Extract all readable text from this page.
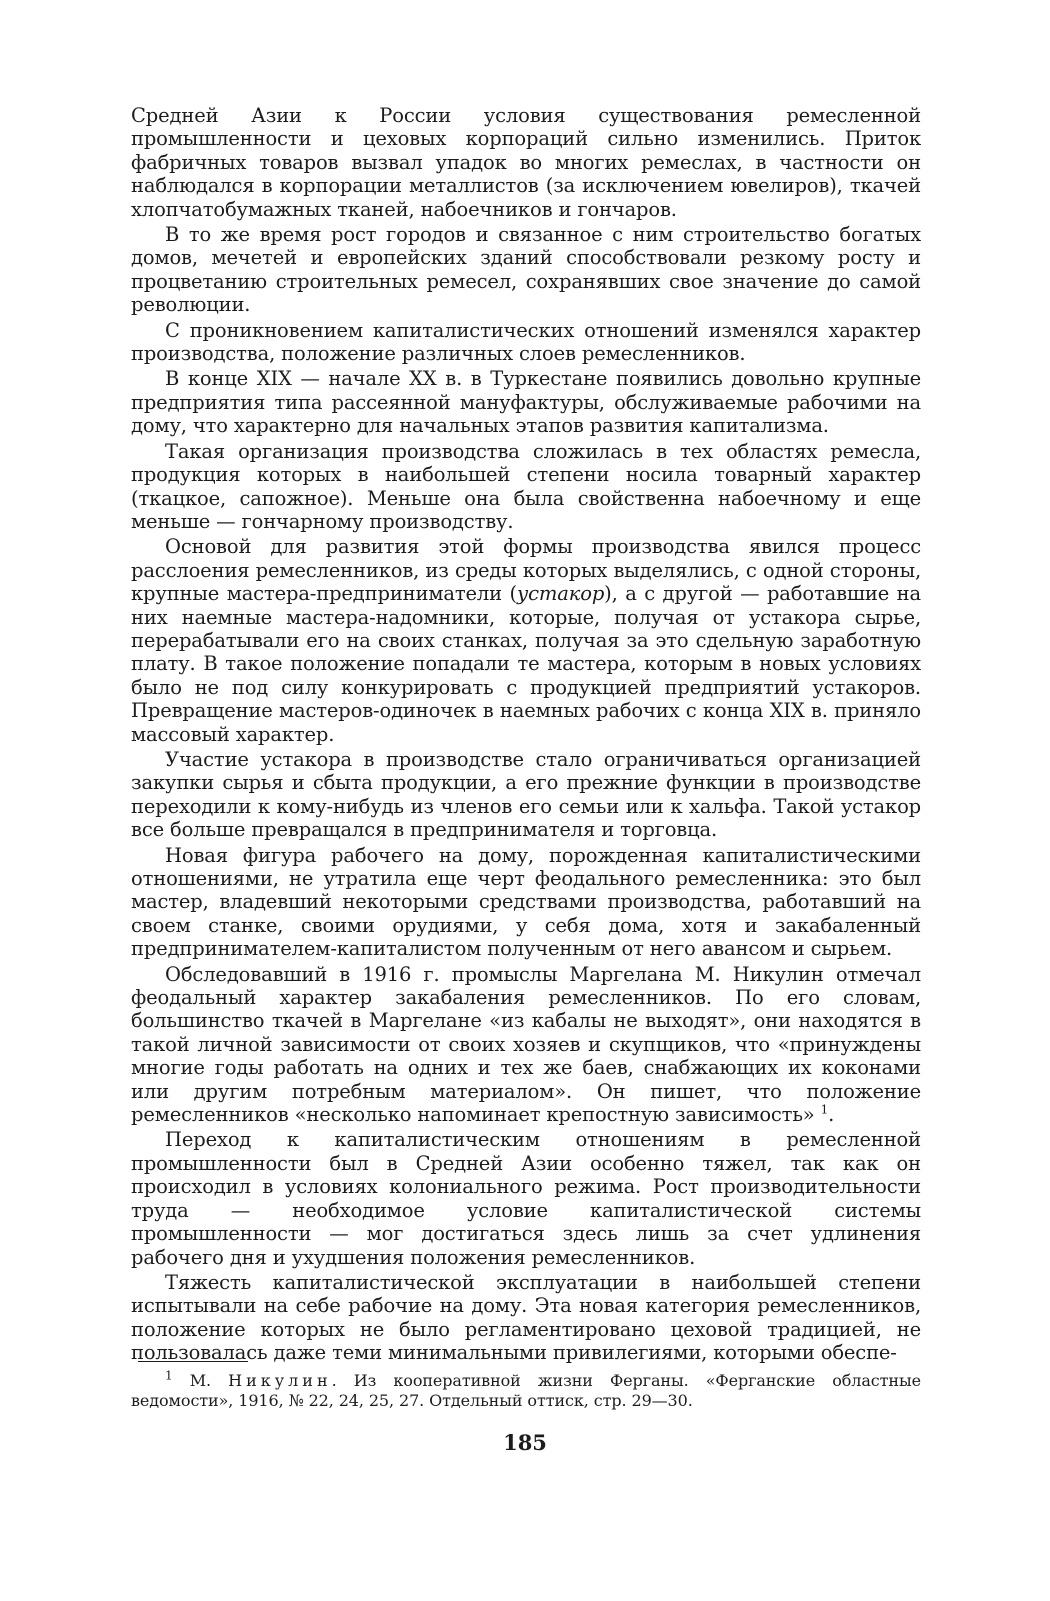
Средней Азии к России условия существования ремесленной промышленности и цеховых корпораций сильно изменились. Приток фабричных товаров вызвал упадок во многих ремеслах, в частности он наблюдался в корпорации металлистов (за исключением ювелиров), ткачей хлопчатобумажных тканей, набоечников и гончаров.

В то же время рост городов и связанное с ним строительство богатых домов, мечетей и европейских зданий способствовали резкому росту и процветанию строительных ремесел, сохранявших свое значение до самой революции.

С проникновением капиталистических отношений изменялся характер производства, положение различных слоев ремесленников.

В конце XIX — начале XX в. в Туркестане появились довольно крупные предприятия типа рассеянной мануфактуры, обслуживаемые рабочими на дому, что характерно для начальных этапов развития капитализма.

Такая организация производства сложилась в тех областях ремесла, продукция которых в наибольшей степени носила товарный характер (ткацкое, сапожное). Меньше она была свойственна набоечному и еще меньше — гончарному производству.

Основой для развития этой формы производства явился процесс расслоения ремесленников, из среды которых выделялись, с одной стороны, крупные мастера-предприниматели (устакор), а с другой — работавшие на них наемные мастера-надомники, которые, получая от устакора сырье, перерабатывали его на своих станках, получая за это сдельную заработную плату. В такое положение попадали те мастера, которым в новых условиях было не под силу конкурировать с продукцией предприятий устакоров. Превращение мастеров-одиночек в наемных рабочих с конца XIX в. приняло массовый характер.

Участие устакора в производстве стало ограничиваться организацией закупки сырья и сбыта продукции, а его прежние функции в производстве переходили к кому-нибудь из членов его семьи или к хальфа. Такой устакор все больше превращался в предпринимателя и торговца.

Новая фигура рабочего на дому, порожденная капиталистическими отношениями, не утратила еще черт феодального ремесленника: это был мастер, владевший некоторыми средствами производства, работавший на своем станке, своими орудиями, у себя дома, хотя и закабаленный предпринимателем-капиталистом полученным от него авансом и сырьем.

Обследовавший в 1916 г. промыслы Маргелана М. Никулин отмечал феодальный характер закабаления ремесленников. По его словам, большинство ткачей в Маргелане «из кабалы не выходят», они находятся в такой личной зависимости от своих хозяев и скупщиков, что «принуждены многие годы работать на одних и тех же баев, снабжающих их коконами или другим потребным материалом». Он пишет, что положение ремесленников «несколько напоминает крепостную зависимость» $^1$.

Переход к капиталистическим отношениям в ремесленной промышленности был в Средней Азии особенно тяжел, так как он происходил в условиях колониального режима. Рост производительности труда — необходимое условие капиталистической системы промышленности — мог достигаться здесь лишь за счет удлинения рабочего дня и ухудшения положения ремесленников.

Тяжесть капиталистической эксплуатации в наибольшей степени испытывали на себе рабочие на дому. Эта новая категория ремесленников, положение которых не было регламентировано цеховой традицией, не пользовалась даже теми минимальными привилегиями, которыми обеспе-

$^1$ М. Никулин. Из кооперативной жизни Ферганы. «Ферганские областные ведомости», 1916, № 22, 24, 25, 27. Отдельный оттиск, стр. 29—30.

185
